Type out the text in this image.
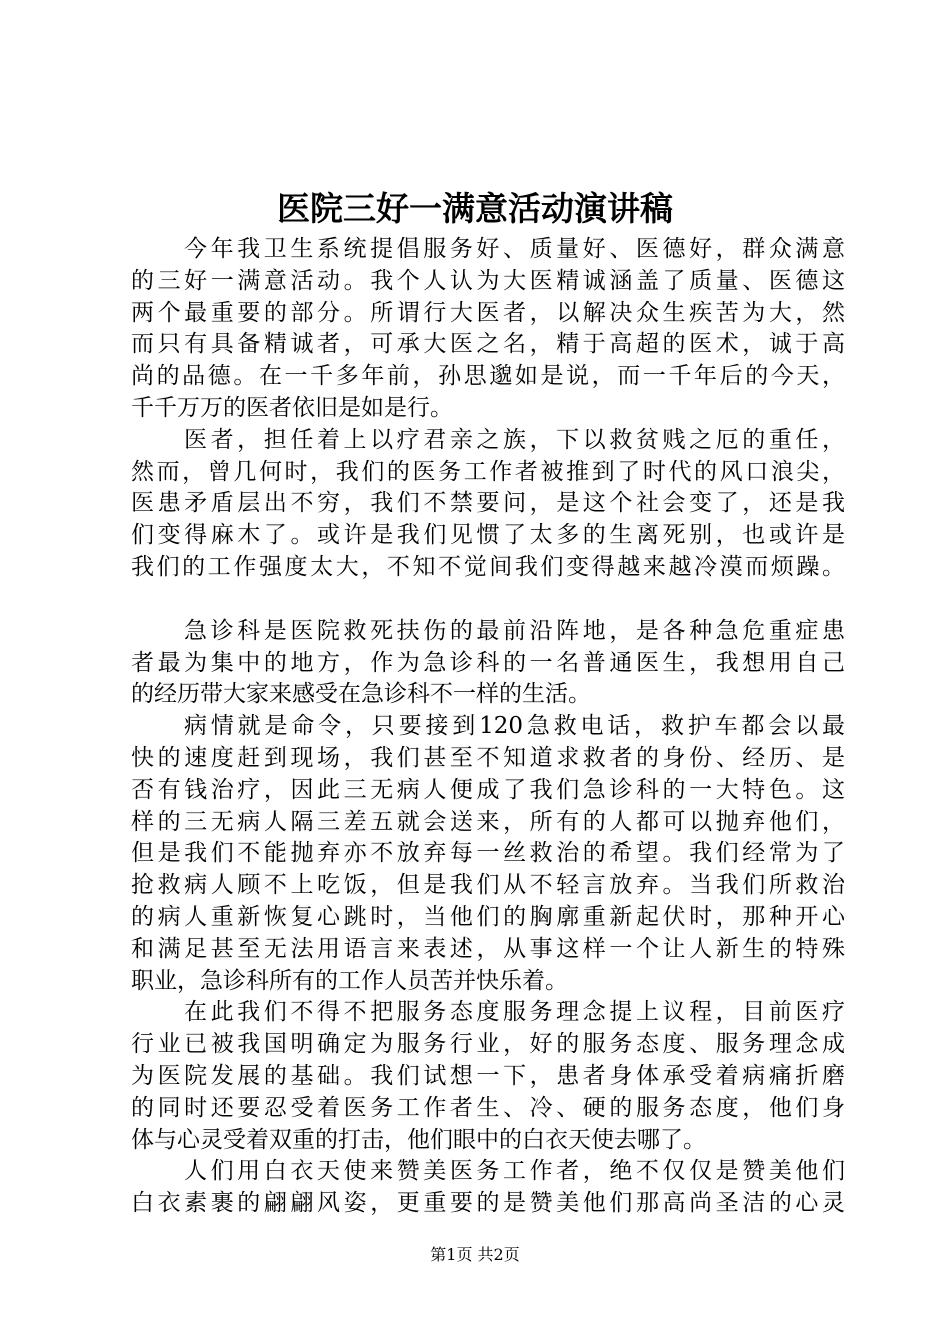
医院三好一满意活动演讲稿
今年我卫生系统提倡服务好、质量好、医德好，群众满意
的三好一满意活动。我个人认为大医精诚涵盖了质量、医德这
两个最重要的部分。所谓行大医者，以解决众生疾苦为大，然
而只有具备精诚者，可承大医之名，精于高超的医术，诚于高
尚的品德。在一千多年前，孙思邈如是说，而一千年后的今天，
千千万万的医者依旧是如是行。
医者，担任着上以疗君亲之族，下以救贫贱之厄的重任，
然而，曾几何时，我们的医务工作者被推到了时代的风口浪尖，
医患矛盾层出不穷，我们不禁要问，是这个社会变了，还是我
们变得麻木了。或许是我们见惯了太多的生离死别，也或许是
我们的工作强度太大，不知不觉间我们变得越来越冷漠而烦躁。
急诊科是医院救死扶伤的最前沿阵地，是各种急危重症患
者最为集中的地方，作为急诊科的一名普通医生，我想用自己
的经历带大家来感受在急诊科不一样的生活。
病情就是命令，只要接到120急救电话，救护车都会以最
快的速度赶到现场，我们甚至不知道求救者的身份、经历、是
否有钱治疗，因此三无病人便成了我们急诊科的一大特色。这
样的三无病人隔三差五就会送来，所有的人都可以抛弃他们，
但是我们不能抛弃亦不放弃每一丝救治的希望。我们经常为了
抢救病人顾不上吃饭，但是我们从不轻言放弃。当我们所救治
的病人重新恢复心跳时，当他们的胸廓重新起伏时，那种开心
和满足甚至无法用语言来表述，从事这样一个让人新生的特殊
职业，急诊科所有的工作人员苦并快乐着。
在此我们不得不把服务态度服务理念提上议程，目前医疗
行业已被我国明确定为服务行业，好的服务态度、服务理念成
为医院发展的基础。我们试想一下，患者身体承受着病痛折磨
的同时还要忍受着医务工作者生、冷、硬的服务态度，他们身
体与心灵受着双重的打击，他们眼中的白衣天使去哪了。
人们用白衣天使来赞美医务工作者，绝不仅仅是赞美他们
白衣素裹的翩翩风姿，更重要的是赞美他们那高尚圣洁的心灵
第1页 共2页
